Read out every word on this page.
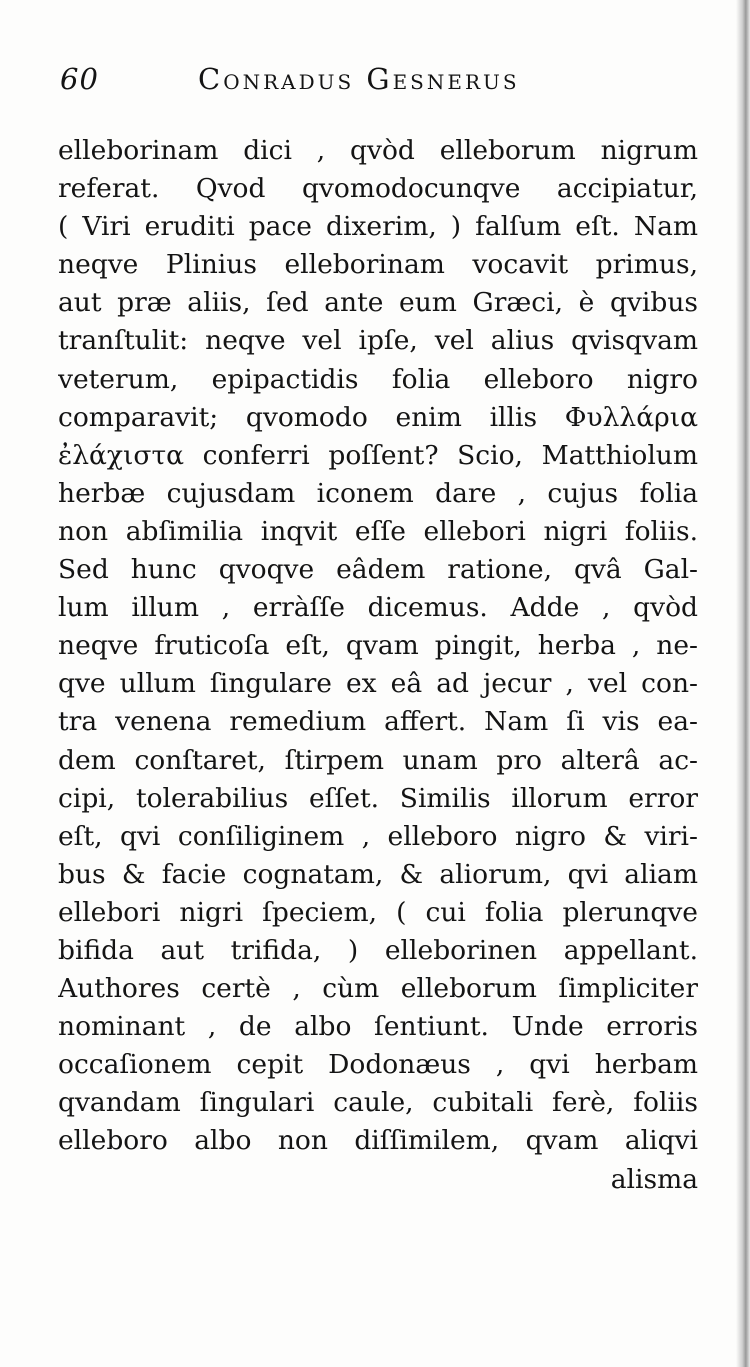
60	Conradus Gesnerus
elleborinam dici , qvòd elleborum nigrum
referat. Qvod qvomodocunqve accipiatur,
( Viri eruditi pace dixerim, ) falſum eſt. Nam
neqve Plinius elleborinam vocavit primus,
aut præ aliis, ſed ante eum Græci, è qvibus
tranſtulit: neqve vel ipſe, vel alius qvisqvam
veterum, epipactidis folia elleboro nigro
comparavit; qvomodo enim illis Φυλλάρια
ἐλάχιστα conferri poſſent? Scio, Matthiolum
herbæ cujusdam iconem dare , cujus folia
non abſimilia inqvit eſſe ellebori nigri foliis.
Sed hunc qvoqve eâdem ratione, qvâ Gal-
lum illum , erràſſe dicemus. Adde , qvòd
neqve fruticoſa eſt, qvam pingit, herba , ne-
qve ullum ſingulare ex eâ ad jecur , vel con-
tra venena remedium affert. Nam ſi vis ea-
dem conſtaret, ſtirpem unam pro alterâ ac-
cipi, tolerabilius eſſet. Similis illorum error
eſt, qvi conſiliginem , elleboro nigro & viri-
bus & facie cognatam, & aliorum, qvi aliam
ellebori nigri ſpeciem, ( cui folia plerunqve
bifida aut trifida, ) elleborinen appellant.
Authores certè , cùm elleborum ſimpliciter
nominant , de albo ſentiunt. Unde erroris
occaſionem cepit Dodonæus , qvi herbam
qvandam ſingulari caule, cubitali ferè, foliis
elleboro albo non diſſimilem, qvam aliqvi
alisma
